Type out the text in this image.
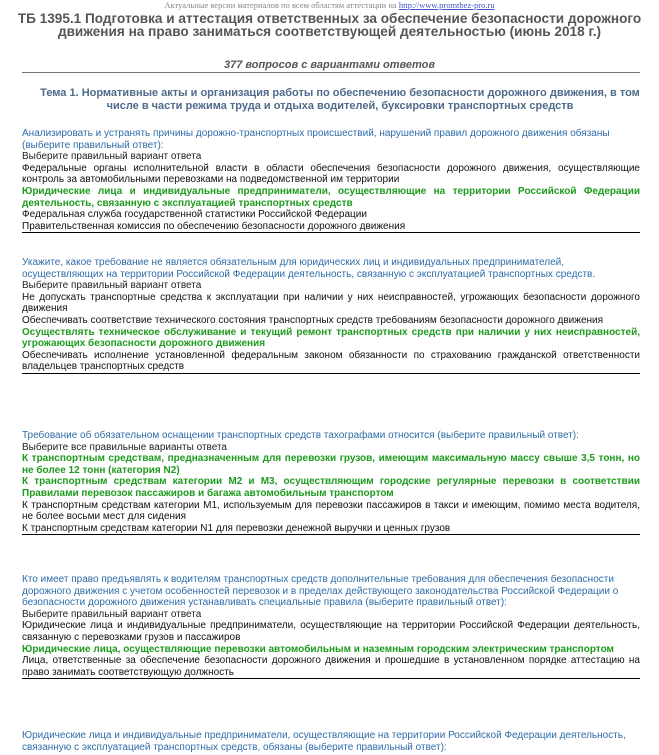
Актуальные версии материалов по всем областям аттестации на http://www.promtbez-pro.ru
ТБ 1395.1 Подготовка и аттестация ответственных за обеспечение безопасности дорожного движения на право заниматься соответствующей деятельностью (июнь 2018 г.)
377 вопросов с вариантами ответов
Тема 1. Нормативные акты и организация работы по обеспечению безопасности дорожного движения, в том числе в части режима труда и отдыха водителей, буксировки транспортных средств
Анализировать и устранять причины дорожно-транспортных происшествий, нарушений правил дорожного движения обязаны (выберите правильный ответ):
Выберите правильный вариант ответа
Федеральные органы исполнительной власти в области обеспечения безопасности дорожного движения, осуществляющие контроль за автомобильными перевозками на подведомственной им территории
Юридические лица и индивидуальные предприниматели, осуществляющие на территории Российской Федерации деятельность, связанную с эксплуатацией транспортных средств
Федеральная служба государственной статистики Российской Федерации
Правительственная комиссия по обеспечению безопасности дорожного движения
Укажите, какое требование не является обязательным для юридических лиц и индивидуальных предпринимателей, осуществляющих на территории Российской Федерации деятельность, связанную с эксплуатацией транспортных средств.
Выберите правильный вариант ответа
Не допускать транспортные средства к эксплуатации при наличии у них неисправностей, угрожающих безопасности дорожного движения
Обеспечивать соответствие технического состояния транспортных средств требованиям безопасности дорожного движения
Осуществлять техническое обслуживание и текущий ремонт транспортных средств при наличии у них неисправностей, угрожающих безопасности дорожного движения
Обеспечивать исполнение установленной федеральным законом обязанности по страхованию гражданской ответственности владельцев транспортных средств
Требование об обязательном оснащении транспортных средств тахографами относится (выберите правильный ответ):
Выберите все правильные варианты ответа
К транспортным средствам, предназначенным для перевозки грузов, имеющим максимальную массу свыше 3,5 тонн, но не более 12 тонн (категория N2)
К транспортным средствам категории M2 и M3, осуществляющим городские регулярные перевозки в соответствии Правилами перевозок пассажиров и багажа автомобильным транспортом
К транспортным средствам категории M1, используемым для перевозки пассажиров в такси и имеющим, помимо места водителя, не более восьми мест для сидения
К транспортным средствам категории N1 для перевозки денежной выручки и ценных грузов
Кто имеет право предъявлять к водителям транспортных средств дополнительные требования для обеспечения безопасности дорожного движения с учетом особенностей перевозок и в пределах действующего законодательства Российской Федерации о безопасности дорожного движения устанавливать специальные правила (выберите правильный ответ):
Выберите правильный вариант ответа
Юридические лица и индивидуальные предприниматели, осуществляющие на территории Российской Федерации деятельность, связанную с перевозками грузов и пассажиров
Юридические лица, осуществляющие перевозки автомобильным и наземным городским электрическим транспортом
Лица, ответственные за обеспечение безопасности дорожного движения и прошедшие в установленном порядке аттестацию на право занимать соответствующую должность
Юридические лица и индивидуальные предприниматели, осуществляющие на территории Российской Федерации деятельность, связанную с эксплуатацией транспортных средств, обязаны (выберите правильный ответ):
